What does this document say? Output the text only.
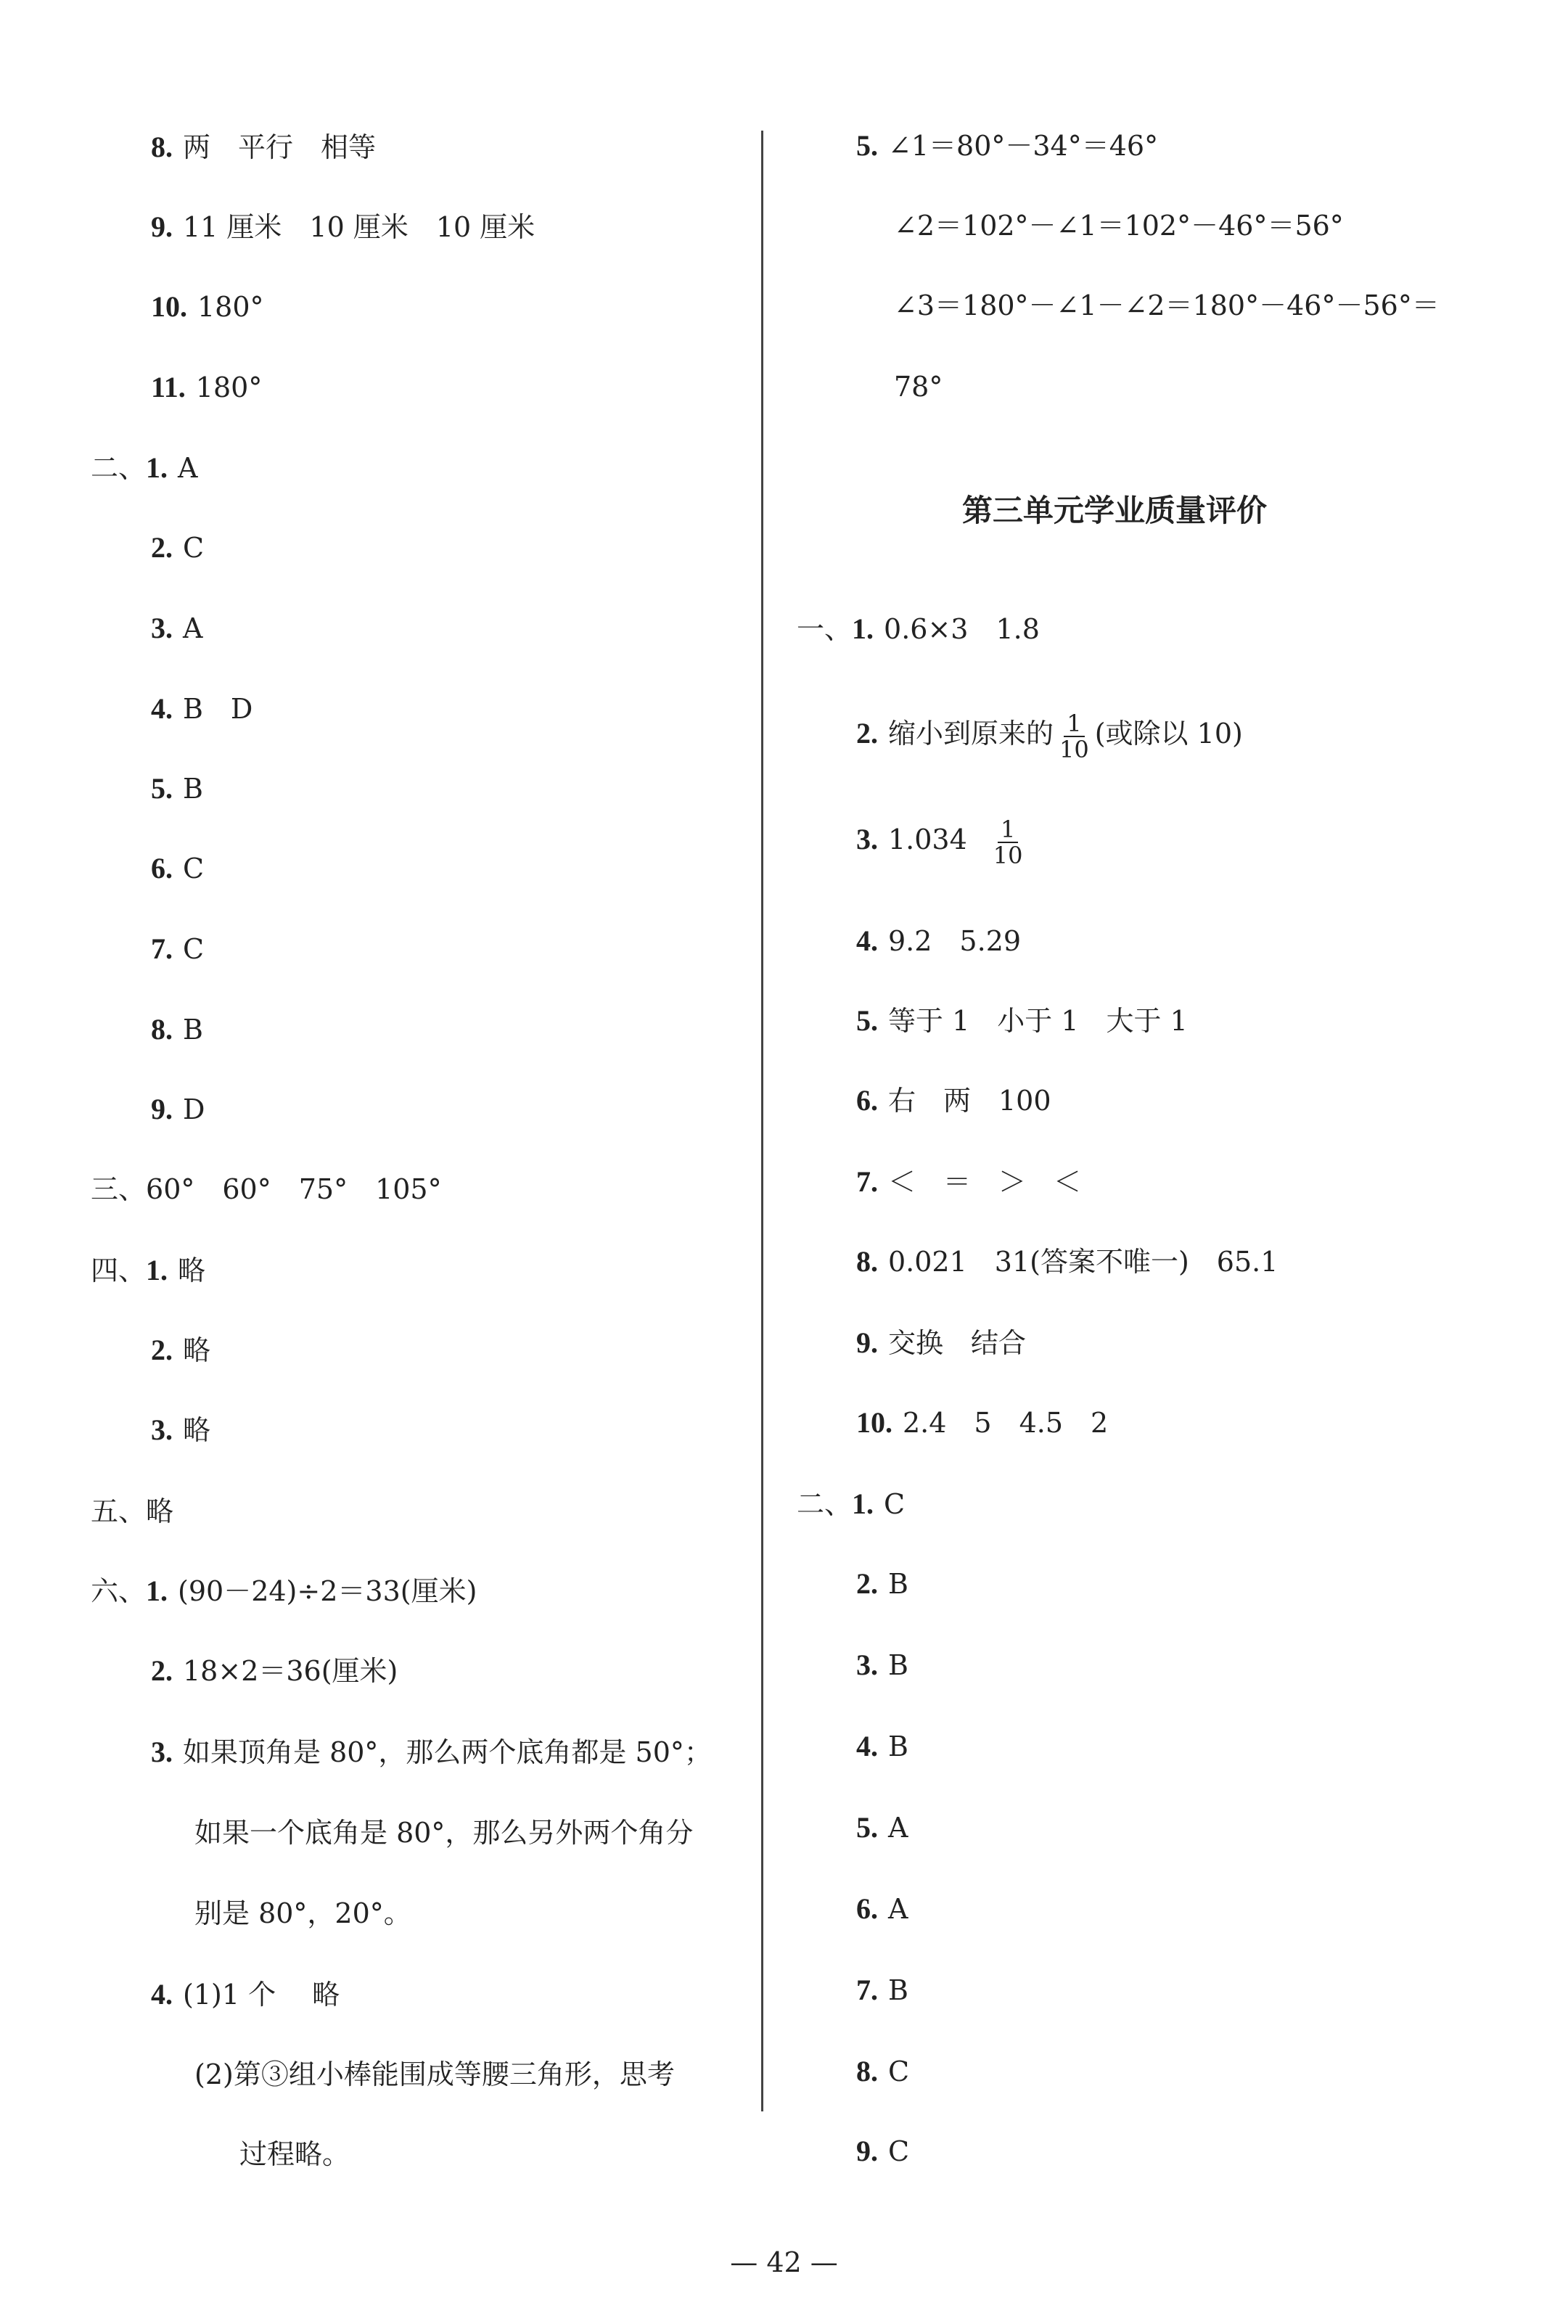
8. 两　平行　相等
9. 11 厘米　10 厘米　10 厘米
10. 180°
11. 180°
二、1. A
2. C
3. A
4. B　D
5. B
6. C
7. C
8. B
9. D
三、60°　60°　75°　105°
四、1. 略
2. 略
3. 略
五、略
六、1. (90－24)÷2＝33(厘米)
2. 18×2＝36(厘米)
3. 如果顶角是 80°，那么两个底角都是 50°；
如果一个底角是 80°，那么另外两个角分
别是 80°，20°。
4. (1)1 个　 略
(2)第③组小棒能围成等腰三角形，思考
过程略。
5. ∠1＝80°－34°＝46°
∠2＝102°－∠1＝102°－46°＝56°
∠3＝180°－∠1－∠2＝180°－46°－56°＝
78°
第三单元学业质量评价
一、1. 0.6×3　1.8
2. 缩小到原来的 $\frac{1}{10}$ (或除以 10)
3. $1.034 \frac{1}{10}$
4. 9.2　5.29
5. 等于 1　小于 1　大于 1
6. 右　两　100
7. ＜　＝　＞　＜
8. 0.021　31(答案不唯一)　65.1
9. 交换　结合
10. 2.4　5　4.5　2
二、1. C
2. B
3. B
4. B
5. A
6. A
7. B
8. C
9. C
— 42 —
